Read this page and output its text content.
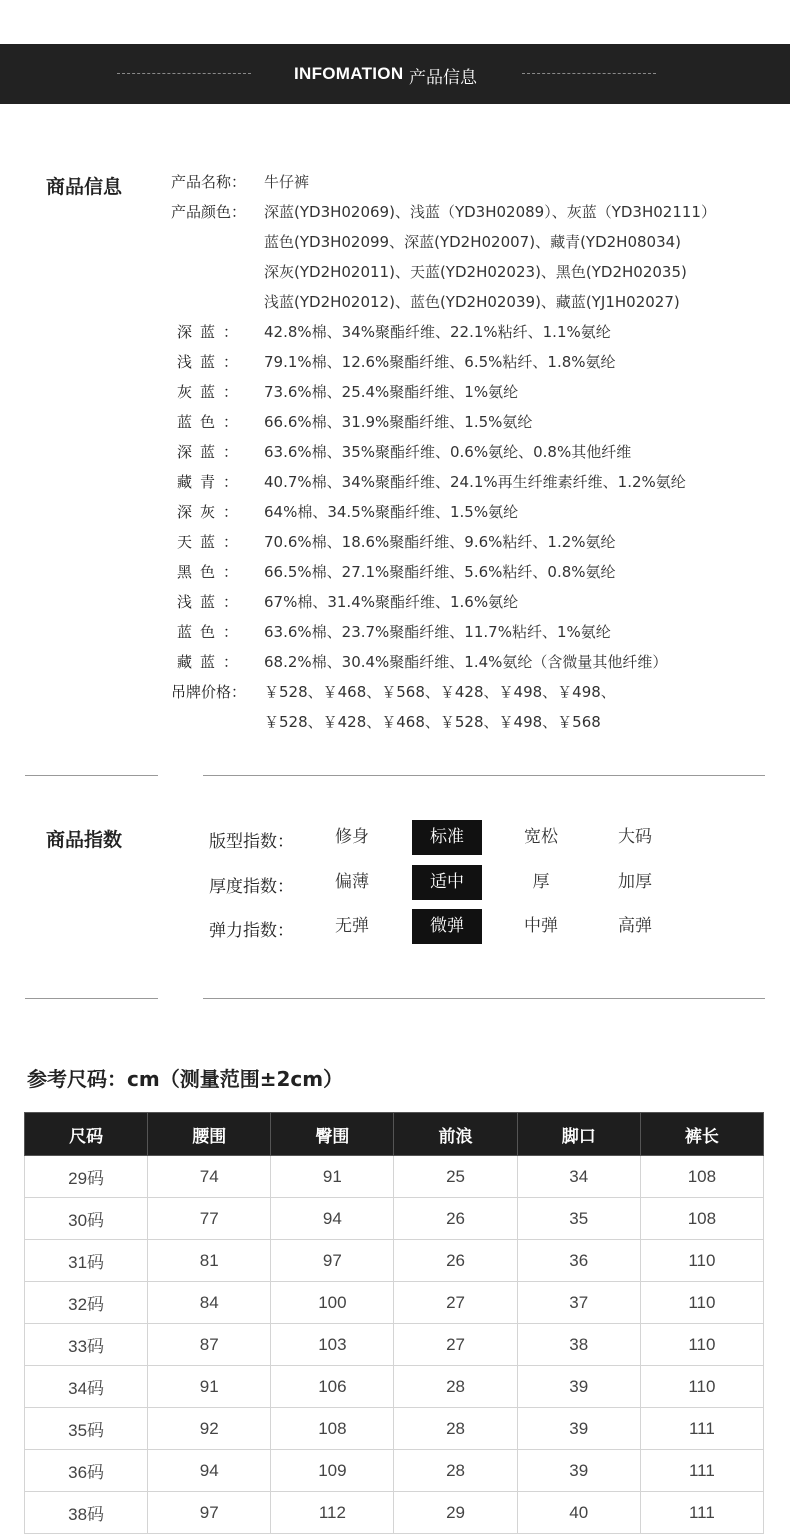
INFOMATION 产品信息
商品信息	产品名称： 牛仔裤
产品颜色： 深蓝(YD3H02069)、浅蓝（YD3H02089）、灰蓝（YD3H02111）
蓝色(YD3H02099、深蓝(YD2H02007)、藏青(YD2H08034)
深灰(YD2H02011)、天蓝(YD2H02023)、黑色(YD2H02035)
浅蓝(YD2H02012)、蓝色(YD2H02039)、藏蓝(YJ1H02027)
深蓝： 42.8%棉、34%聚酯纤维、22.1%粘纤、1.1%氨纶
浅蓝： 79.1%棉、12.6%聚酯纤维、6.5%粘纤、1.8%氨纶
灰蓝： 73.6%棉、25.4%聚酯纤维、1%氨纶
蓝色： 66.6%棉、31.9%聚酯纤维、1.5%氨纶
深蓝： 63.6%棉、35%聚酯纤维、0.6%氨纶、0.8%其他纤维
藏青： 40.7%棉、34%聚酯纤维、24.1%再生纤维素纤维、1.2%氨纶
深灰： 64%棉、34.5%聚酯纤维、1.5%氨纶
天蓝： 70.6%棉、18.6%聚酯纤维、9.6%粘纤、1.2%氨纶
黑色： 66.5%棉、27.1%聚酯纤维、5.6%粘纤、0.8%氨纶
浅蓝： 67%棉、31.4%聚酯纤维、1.6%氨纶
蓝色： 63.6%棉、23.7%聚酯纤维、11.7%粘纤、1%氨纶
藏蓝： 68.2%棉、30.4%聚酯纤维、1.4%氨纶（含微量其他纤维）
吊牌价格： ￥528、￥468、￥568、￥428、￥498、￥498、
￥528、￥428、￥468、￥528、￥498、￥568
商品指数	版型指数：	修身	标准	宽松	大码
厚度指数：	偏薄	适中	厚	加厚
弹力指数：	无弹	微弹	中弹	高弹
参考尺码：cm（测量范围±2cm）
尺码	腰围	臀围	前浪	脚口	裤长
29码	74	91	25	34	108
30码	77	94	26	35	108
31码	81	97	26	36	110
32码	84	100	27	37	110
33码	87	103	27	38	110
34码	91	106	28	39	110
35码	92	108	28	39	111
36码	94	109	28	39	111
38码	97	112	29	40	111
